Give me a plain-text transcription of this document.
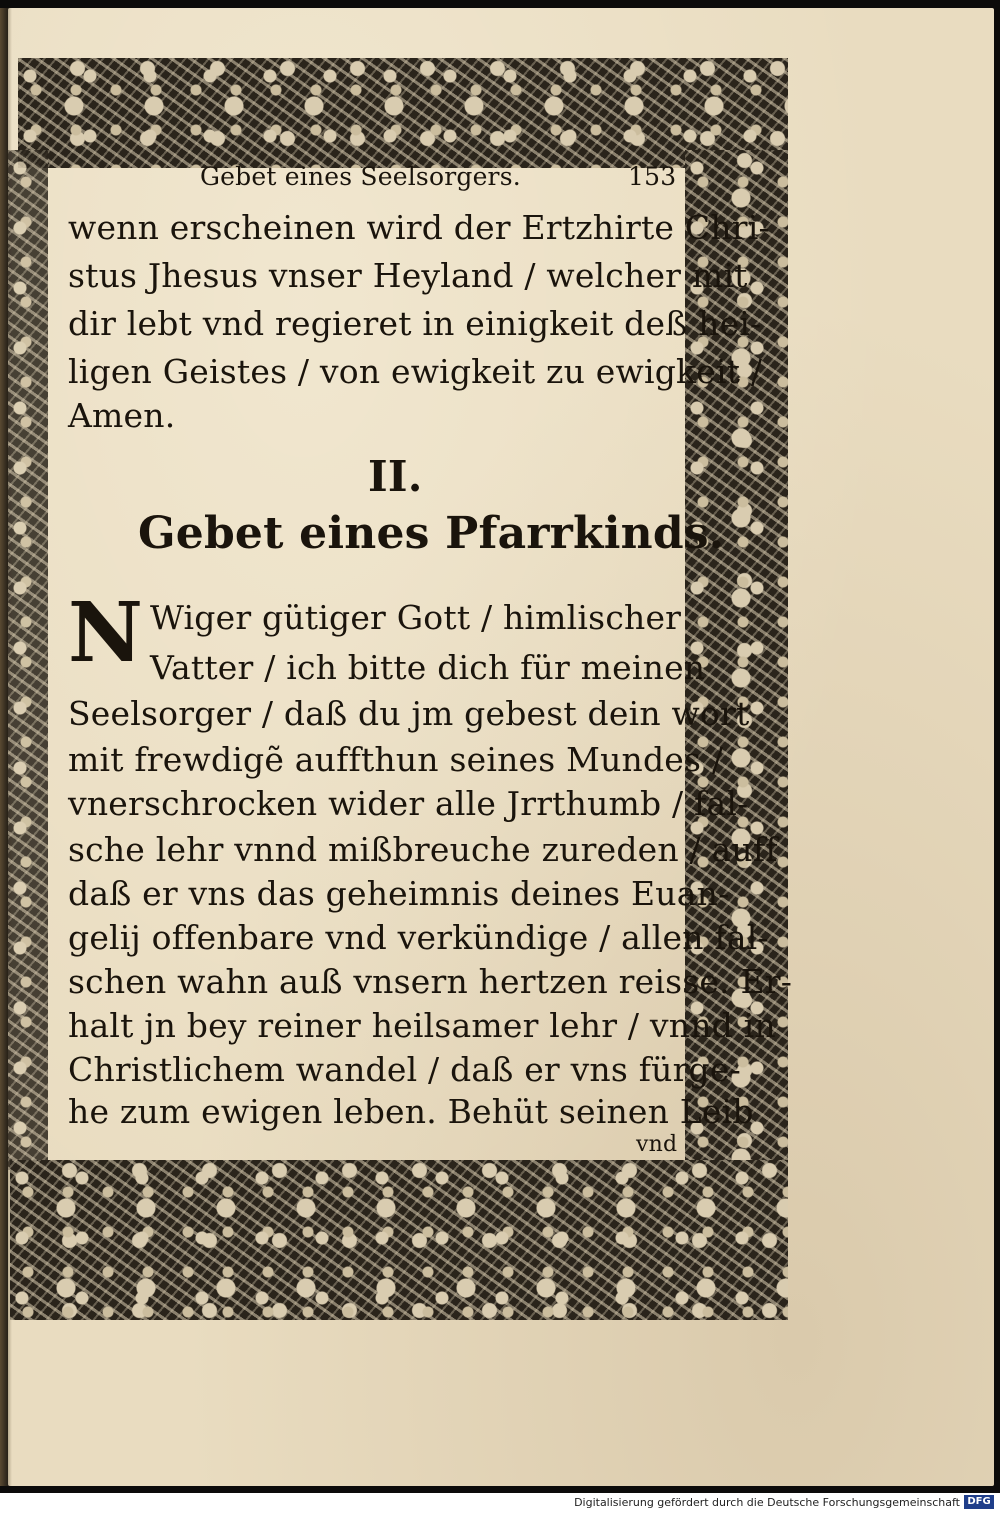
Gebet eines Seelsorgers.	153
wenn erscheinen wird der Ertzhirte Chri-
stus Jhesus vnser Heyland / welcher mit
dir lebt vnd regieret in einigkeit deß hei-
ligen Geistes / von ewigkeit zu ewigkeit /
Amen.
II.
Gebet eines Pfarrkinds.
N Wiger gütiger Gott / himlischer
Vatter / ich bitte dich für meinen
Seelsorger / daß du jm gebest dein wort
mit frewdigẽ auffthun seines Mundes /
vnerschrocken wider alle Jrrthumb / fal-
sche lehr vnnd mißbreuche zureden / auff
daß er vns das geheimnis deines Euan-
gelij offenbare vnd verkündige / allen fal-
schen wahn auß vnsern hertzen reisse. Er-
halt jn bey reiner heilsamer lehr / vnnd in
Christlichem wandel / daß er vns fürge-
he zum ewigen leben. Behüt seinen Leib
vnd
Digitalisierung gefördert durch die Deutsche Forschungsgemeinschaft DFG
